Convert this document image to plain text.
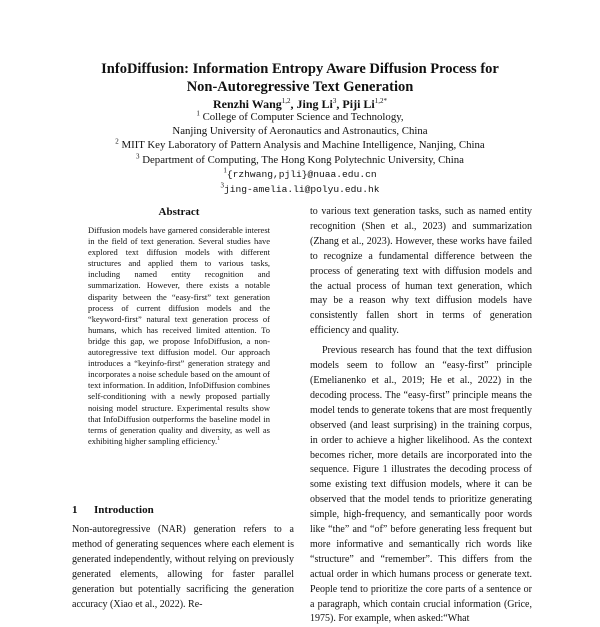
InfoDiffusion: Information Entropy Aware Diffusion Process for
Non-Autoregressive Text Generation
Renzhi Wang$^{1,2}$, Jing Li$^3$, Piji $Li^{1,2*}$
$^1$ College of Computer Science and Technology,
Nanjing University of Aeronautics and Astronautics, China
$^2$ MIIT Key Laboratory of Pattern Analysis and Machine Intelligence, Nanjing, China
$^3$ Department of Computing, The Hong Kong Polytechnic University, China
$^1${rzhwang,pjli}@nuaa.edu.cn
$^3$jing-amelia.li@polyu.edu.hk
Abstract
Diffusion models have garnered considerable interest in the field of text generation. Several studies have explored text diffusion models with different structures and applied them to various tasks, including named entity recognition and summarization. However, there exists a notable disparity between the “easy-first” text generation process of current diffusion models and the “keyword-first” natural text generation process of humans, which has received limited attention. To bridge this gap, we propose InfoDiffusion, a non-autoregressive text diffusion model. Our approach introduces a “keyinfo-first” generation strategy and incorporates a noise schedule based on the amount of text information. In addition, InfoDiffusion combines self-conditioning with a newly proposed partially noising model structure. Experimental results show that InfoDiffusion outperforms the baseline model in terms of generation quality and diversity, as well as exhibiting higher sampling efficiency.$^1$
1 Introduction
Non-autoregressive (NAR) generation refers to a method of generating sequences where each element is generated independently, without relying on previously generated elements, allowing for faster parallel generation but potentially sacrificing the generation accuracy (Xiao et al., 2022). Re-

to various text generation tasks, such as named entity recognition (Shen et al., 2023) and summarization (Zhang et al., 2023). However, these works have failed to recognize a fundamental difference between the process of generating text with diffusion models and the actual process of human text generation, which may be a reason why text diffusion models have consistently fallen short in terms of generation efficiency and quality.

Previous research has found that the text diffusion models seem to follow an “easy-first” principle (Emelianenko et al., 2019; He et al., 2022) in the decoding process. The “easy-first” principle means the model tends to generate tokens that are most frequently observed (and least surprising) in the training corpus, in order to achieve a higher likelihood. As the context becomes richer, more details are incorporated into the sequence. Figure 1 illustrates the decoding process of some existing text diffusion models, where it can be observed that the model tends to prioritize generating simple, high-frequency, and semantically poor words like “the” and “of” before generating less frequent but more informative and semantically rich words like “structure” and “remember”. This differs from the actual order in which humans process or generate text. People tend to prioritize the core parts of a sentence or a paragraph, which contain crucial information (Grice, 1975). For example, when asked:“What
